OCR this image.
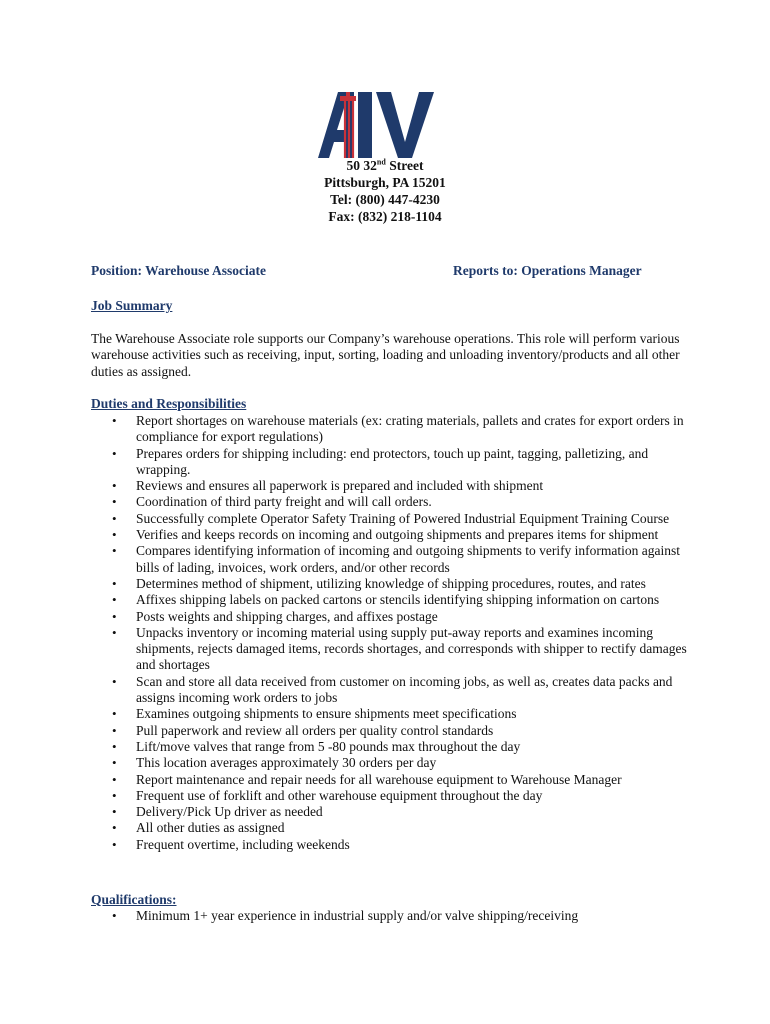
50 32nd Street
Pittsburgh, PA 15201
Tel: (800) 447-4230
Fax: (832) 218-1104
Position: Warehouse Associate	Reports to: Operations Manager
Job Summary
The Warehouse Associate role supports our Company’s warehouse operations. This role will perform various warehouse activities such as receiving, input, sorting, loading and unloading inventory/products and all other duties as assigned.
Duties and Responsibilities
• Report shortages on warehouse materials (ex: crating materials, pallets and crates for export orders in compliance for export regulations)
• Prepares orders for shipping including: end protectors, touch up paint, tagging, palletizing, and wrapping.
• Reviews and ensures all paperwork is prepared and included with shipment
• Coordination of third party freight and will call orders.
• Successfully complete Operator Safety Training of Powered Industrial Equipment Training Course
• Verifies and keeps records on incoming and outgoing shipments and prepares items for shipment
• Compares identifying information of incoming and outgoing shipments to verify information against bills of lading, invoices, work orders, and/or other records
• Determines method of shipment, utilizing knowledge of shipping procedures, routes, and rates
• Affixes shipping labels on packed cartons or stencils identifying shipping information on cartons
• Posts weights and shipping charges, and affixes postage
• Unpacks inventory or incoming material using supply put-away reports and examines incoming shipments, rejects damaged items, records shortages, and corresponds with shipper to rectify damages and shortages
• Scan and store all data received from customer on incoming jobs, as well as, creates data packs and assigns incoming work orders to jobs
• Examines outgoing shipments to ensure shipments meet specifications
• Pull paperwork and review all orders per quality control standards
• Lift/move valves that range from 5 -80 pounds max throughout the day
• This location averages approximately 30 orders per day
• Report maintenance and repair needs for all warehouse equipment to Warehouse Manager
• Frequent use of forklift and other warehouse equipment throughout the day
• Delivery/Pick Up driver as needed
• All other duties as assigned
• Frequent overtime, including weekends
Qualifications:
• Minimum 1+ year experience in industrial supply and/or valve shipping/receiving
